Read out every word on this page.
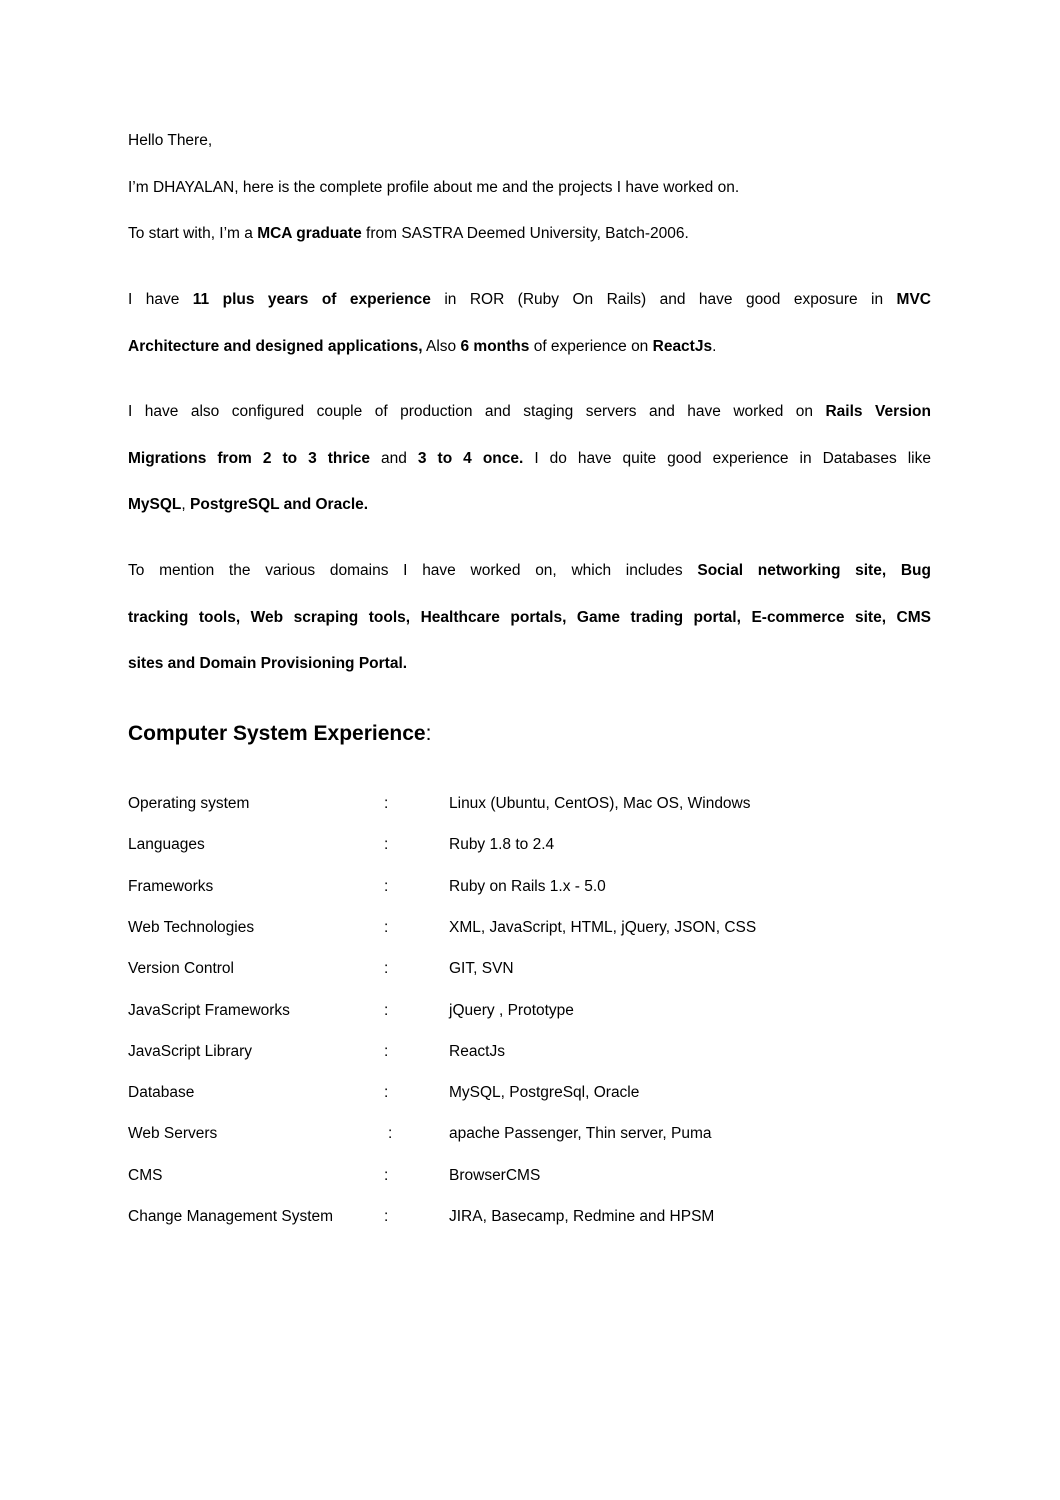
Hello There,
I’m DHAYALAN, here is the complete profile about me and the projects I have worked on.
To start with, I’m a MCA graduate from SASTRA Deemed University, Batch-2006.
I have 11 plus years of experience in ROR (Ruby On Rails) and have good exposure in MVC
Architecture and designed applications, Also 6 months of experience on ReactJs.
I have also configured couple of production and staging servers and have worked on Rails Version
Migrations from 2 to 3 thrice and 3 to 4 once. I do have quite good experience in Databases like
MySQL, PostgreSQL and Oracle.
To mention the various domains I have worked on, which includes Social networking site, Bug
tracking tools, Web scraping tools, Healthcare portals, Game trading portal, E-commerce site, CMS
sites and Domain Provisioning Portal.
Computer System Experience:
Operating system	:	Linux (Ubuntu, CentOS), Mac OS, Windows
Languages	:	Ruby 1.8 to 2.4
Frameworks	:	Ruby on Rails 1.x - 5.0
Web Technologies	:	XML, JavaScript, HTML, jQuery, JSON, CSS
Version Control	:	GIT, SVN
JavaScript Frameworks	:	jQuery , Prototype
JavaScript Library	:	ReactJs
Database	:	MySQL, PostgreSql, Oracle
Web Servers	:	apache Passenger, Thin server, Puma
CMS	:	BrowserCMS
Change Management System	:	JIRA, Basecamp, Redmine and HPSM
